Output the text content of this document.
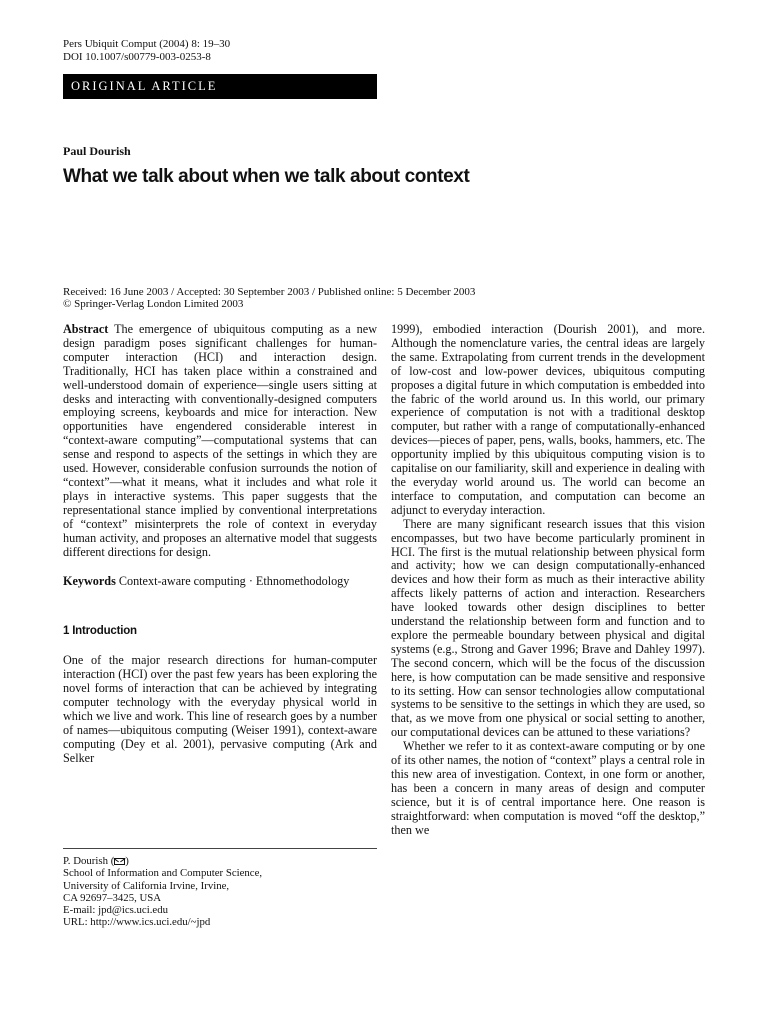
Pers Ubiquit Comput (2004) 8: 19–30
DOI 10.1007/s00779-003-0253-8
ORIGINAL ARTICLE
Paul Dourish
What we talk about when we talk about context
Received: 16 June 2003 / Accepted: 30 September 2003 / Published online: 5 December 2003
© Springer-Verlag London Limited 2003

Abstract The emergence of ubiquitous computing as a new design paradigm poses significant challenges for human-computer interaction (HCI) and interaction design. Traditionally, HCI has taken place within a constrained and well-understood domain of experience—single users sitting at desks and interacting with conventionally-designed computers employing screens, keyboards and mice for interaction. New opportunities have engendered considerable interest in “context-aware computing”—computational systems that can sense and respond to aspects of the settings in which they are used. However, considerable confusion surrounds the notion of “context”—what it means, what it includes and what role it plays in interactive systems. This paper suggests that the representational stance implied by conventional interpretations of “context” misinterprets the role of context in everyday human activity, and proposes an alternative model that suggests different directions for design.

Keywords Context-aware computing · Ethnomethodology

1 Introduction

One of the major research directions for human-computer interaction (HCI) over the past few years has been exploring the novel forms of interaction that can be achieved by integrating computer technology with the everyday physical world in which we live and work. This line of research goes by a number of names—ubiquitous computing (Weiser 1991), context-aware computing (Dey et al. 2001), pervasive computing (Ark and Selker

1999), embodied interaction (Dourish 2001), and more. Although the nomenclature varies, the central ideas are largely the same. Extrapolating from current trends in the development of low-cost and low-power devices, ubiquitous computing proposes a digital future in which computation is embedded into the fabric of the world around us. In this world, our primary experience of computation is not with a traditional desktop computer, but rather with a range of computationally-enhanced devices—pieces of paper, pens, walls, books, hammers, etc. The opportunity implied by this ubiquitous computing vision is to capitalise on our familiarity, skill and experience in dealing with the everyday world around us. The world can become an interface to computation, and computation can become an adjunct to everyday interaction.

There are many significant research issues that this vision encompasses, but two have become particularly prominent in HCI. The first is the mutual relationship between physical form and activity; how we can design computationally-enhanced devices and how their form as much as their interactive ability affects likely patterns of action and interaction. Researchers have looked towards other design disciplines to better understand the relationship between form and function and to explore the permeable boundary between physical and digital systems (e.g., Strong and Gaver 1996; Brave and Dahley 1997). The second concern, which will be the focus of the discussion here, is how computation can be made sensitive and responsive to its setting. How can sensor technologies allow computational systems to be sensitive to the settings in which they are used, so that, as we move from one physical or social setting to another, our computational devices can be attuned to these variations?

Whether we refer to it as context-aware computing or by one of its other names, the notion of “context” plays a central role in this new area of investigation. Context, in one form or another, has been a concern in many areas of design and computer science, but it is of central importance here. One reason is straightforward: when computation is moved “off the desktop,” then we

P. Dourish ( )
School of Information and Computer Science,
University of California Irvine, Irvine,
CA 92697–3425, USA
E-mail: jpd@ics.uci.edu
URL: http://www.ics.uci.edu/~jpd
